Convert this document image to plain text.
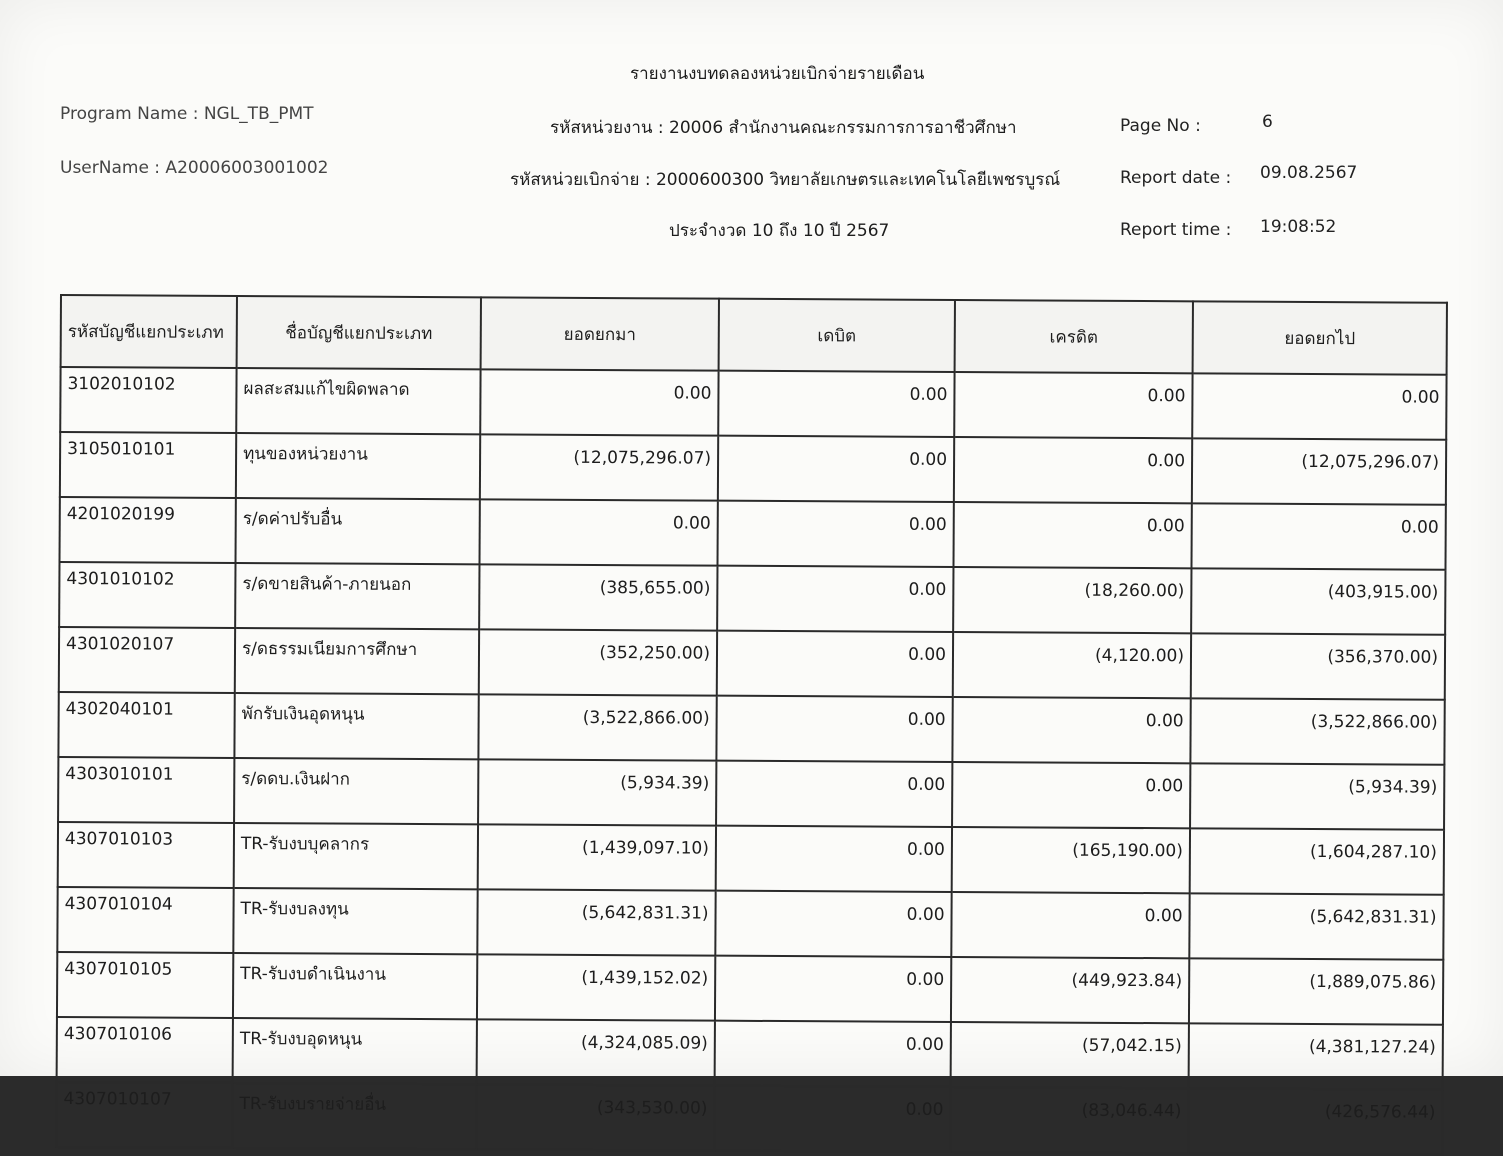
รายงานงบทดลองหน่วยเบิกจ่ายรายเดือน
Program Name : NGL_TB_PMT
UserName : A20006003001002
รหัสหน่วยงาน : 20006 สำนักงานคณะกรรมการการอาชีวศึกษา
รหัสหน่วยเบิกจ่าย : 2000600300 วิทยาลัยเกษตรและเทคโนโลยีเพชรบูรณ์
ประจำงวด 10 ถึง 10 ปี 2567
Page No :	6
Report date : 09.08.2567
Report time : 19:08:52
รหัสบัญชีแยกประเภท	ชื่อบัญชีแยกประเภท	ยอดยกมา	เดบิต	เครดิต	ยอดยกไป
3102010102	ผลสะสมแก้ไขผิดพลาด	0.00	0.00	0.00	0.00
3105010101	ทุนของหน่วยงาน	(12,075,296.07)	0.00	0.00	(12,075,296.07)
4201020199	ร/ดค่าปรับอื่น	0.00	0.00	0.00	0.00
4301010102	ร/ดขายสินค้า-ภายนอก	(385,655.00)	0.00	(18,260.00)	(403,915.00)
4301020107	ร/ดธรรมเนียมการศึกษา	(352,250.00)	0.00	(4,120.00)	(356,370.00)
4302040101	พักรับเงินอุดหนุน	(3,522,866.00)	0.00	0.00	(3,522,866.00)
4303010101	ร/ดดบ.เงินฝาก	(5,934.39)	0.00	0.00	(5,934.39)
4307010103	TR-รับงบบุคลากร	(1,439,097.10)	0.00	(165,190.00)	(1,604,287.10)
4307010104	TR-รับงบลงทุน	(5,642,831.31)	0.00	0.00	(5,642,831.31)
4307010105	TR-รับงบดำเนินงาน	(1,439,152.02)	0.00	(449,923.84)	(1,889,075.86)
4307010106	TR-รับงบอุดหนุน	(4,324,085.09)	0.00	(57,042.15)	(4,381,127.24)
4307010107	TR-รับงบรายจ่ายอื่น	(343,530.00)	0.00	(83,046.44)	(426,576.44)
